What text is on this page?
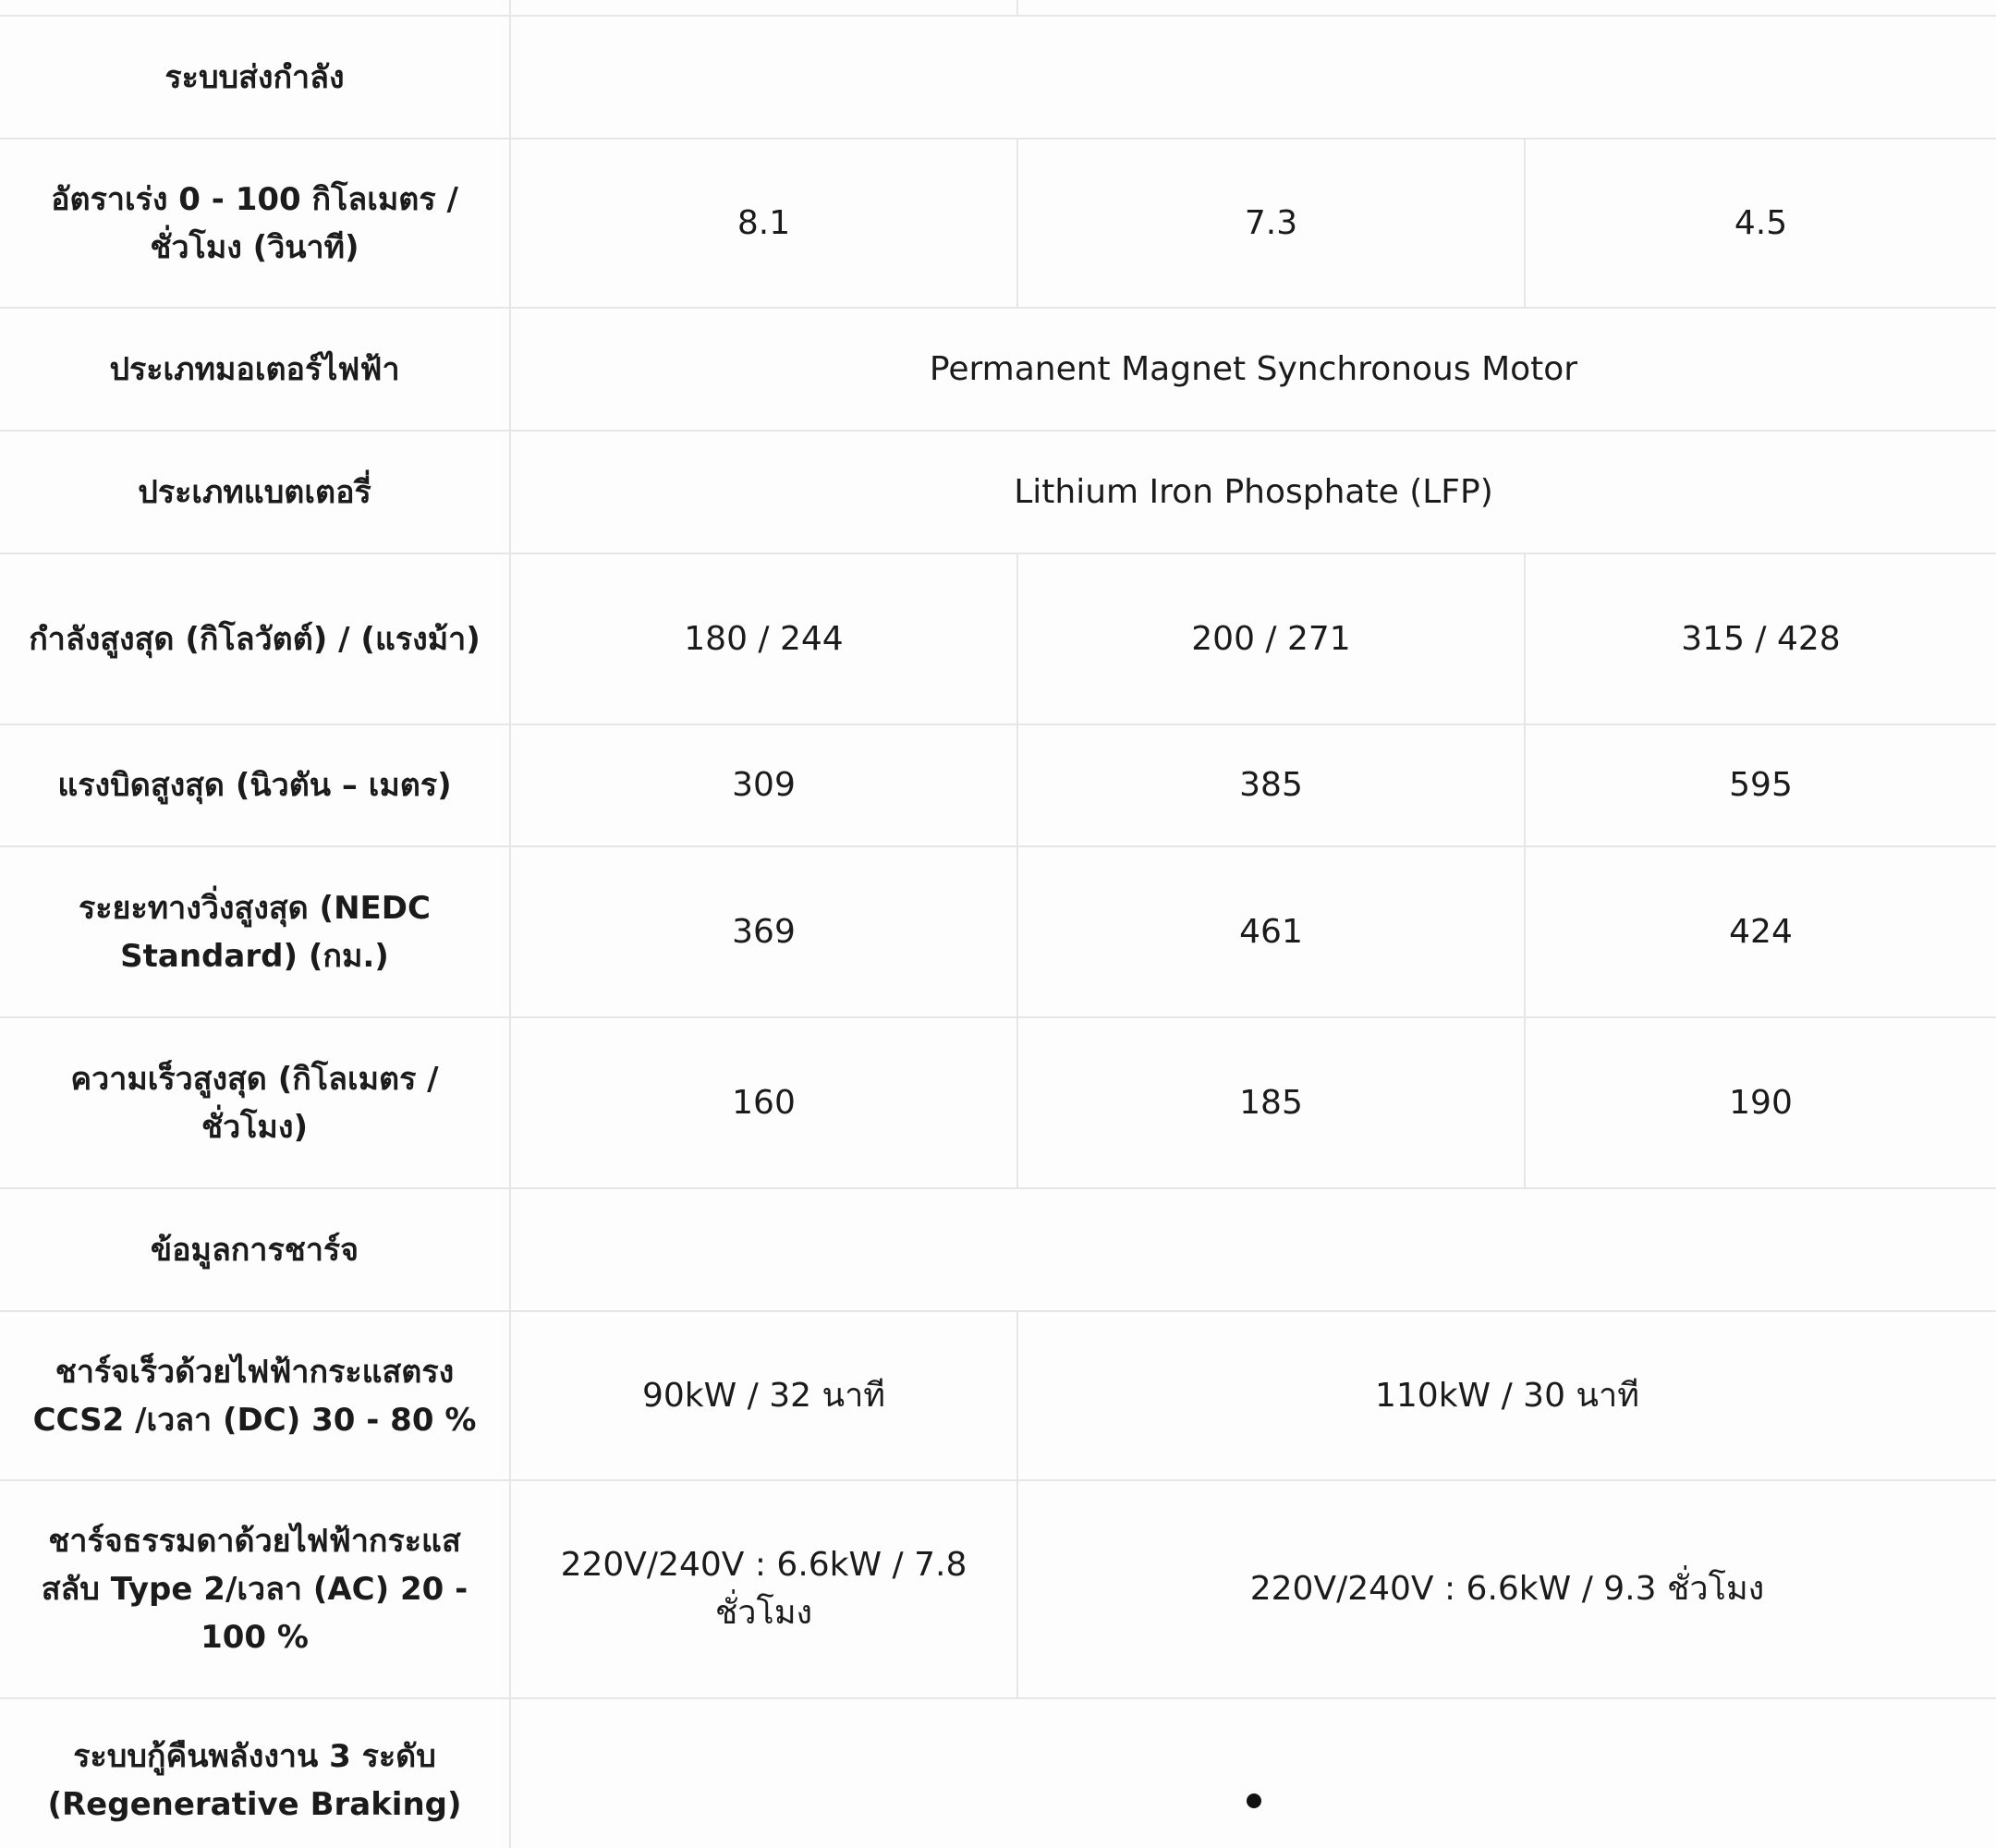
ระบบส่งกำลัง			
อัตราเร่ง 0 - 100 กิโลเมตร / ชั่วโมง (วินาที)	8.1	7.3	4.5
ประเภทมอเตอร์ไฟฟ้า	Permanent Magnet Synchronous Motor		
ประเภทแบตเตอรี่	Lithium Iron Phosphate (LFP)		
กำลังสูงสุด (กิโลวัตต์) / (แรงม้า)	180 / 244	200 / 271	315 / 428
แรงบิดสูงสุด (นิวตัน – เมตร)	309	385	595
ระยะทางวิ่งสูงสุด (NEDC Standard) (กม.)	369	461	424
ความเร็วสูงสุด (กิโลเมตร / ชั่วโมง)	160	185	190
ข้อมูลการชาร์จ			
ชาร์จเร็วด้วยไฟฟ้ากระแสตรง CCS2 /เวลา (DC) 30 - 80 %	90kW / 32 นาที	110kW / 30 นาที	
ชาร์จธรรมดาด้วยไฟฟ้ากระแสสลับ Type 2/เวลา (AC) 20 - 100 %	220V/240V : 6.6kW / 7.8 ชั่วโมง	220V/240V : 6.6kW / 9.3 ชั่วโมง	
ระบบกู้คืนพลังงาน 3 ระดับ (Regenerative Braking)			
